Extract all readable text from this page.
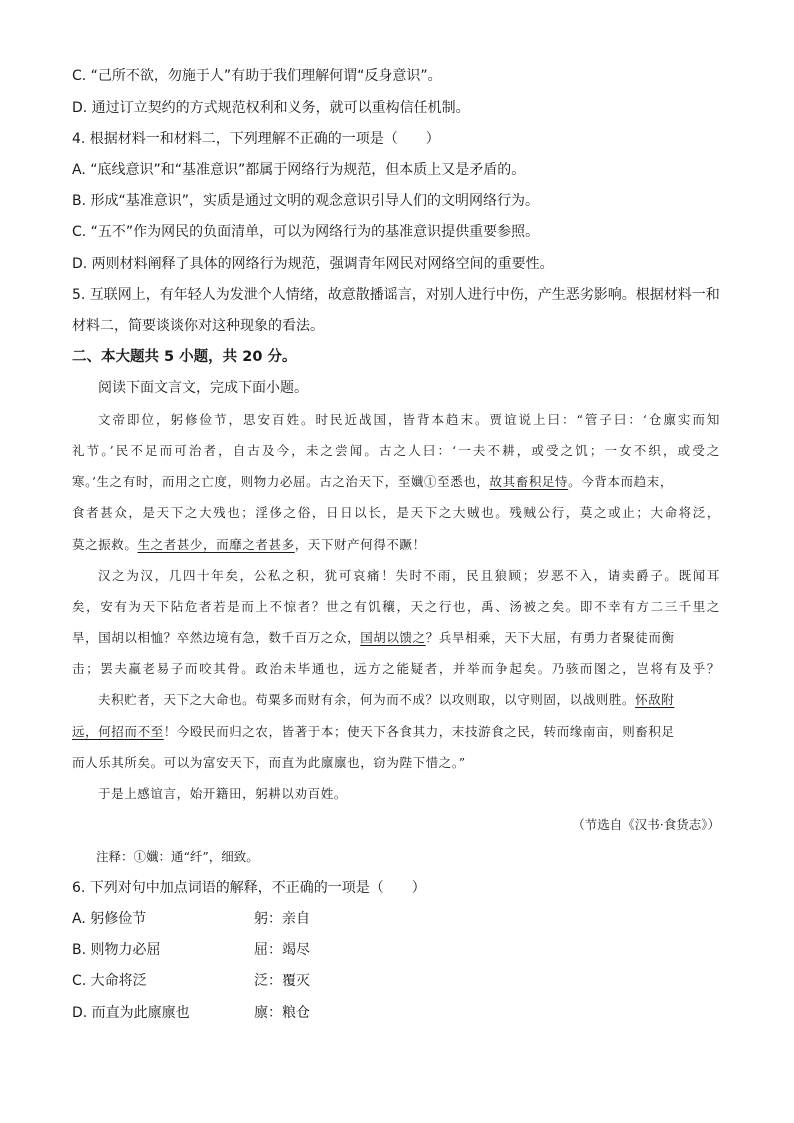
C. “己所不欲，勿施于人”有助于我们理解何谓“反身意识”。
D. 通过订立契约的方式规范权利和义务，就可以重构信任机制。
4. 根据材料一和材料二，下列理解不正确的一项是（　　）
A. “底线意识”和“基准意识”都属于网络行为规范，但本质上又是矛盾的。
B. 形成“基准意识”，实质是通过文明的观念意识引导人们的文明网络行为。
C. “五不”作为网民的负面清单，可以为网络行为的基准意识提供重要参照。
D. 两则材料阐释了具体的网络行为规范，强调青年网民对网络空间的重要性。
5. 互联网上，有年轻人为发泄个人情绪，故意散播谣言，对别人进行中伤，产生恶劣影响。根据材料一和
材料二，简要谈谈你对这种现象的看法。
二、本大题共 5 小题，共 20 分。
阅读下面文言文，完成下面小题。
文帝即位，躬修俭节，思安百姓。时民近战国，皆背本趋末。贾谊说上曰：“管子曰：‘仓廪实而知
礼节。’民不足而可治者，自古及今，未之尝闻。古之人曰：‘一夫不耕，或受之饥；一女不织，或受之
寒。’生之有时，而用之亡度，则物力必屈。古之治天下，至孅①至悉也，故其畜积足恃。今背本而趋末，
食者甚众，是天下之大残也；淫侈之俗，日日以长，是天下之大贼也。残贼公行，莫之或止；大命将泛，
莫之振救。生之者甚少，而靡之者甚多，天下财产何得不蹶！
汉之为汉，几四十年矣，公私之积，犹可哀痛！失时不雨，民且狼顾；岁恶不入，请卖爵子。既闻耳
矣，安有为天下阽危者若是而上不惊者？世之有饥穰，天之行也，禹、汤被之矣。即不幸有方二三千里之
旱，国胡以相恤？卒然边境有急，数千百万之众，国胡以馈之？兵旱相乘，天下大屈，有勇力者聚徒而衡
击；罢夫羸老易子而咬其骨。政治未毕通也，远方之能疑者，并举而争起矣。乃骇而图之，岂将有及乎？
夫积贮者，天下之大命也。苟粟多而财有余，何为而不成？以攻则取，以守则固，以战则胜。怀敌附
远，何招而不至！今殴民而归之农，皆著于本；使天下各食其力，末技游食之民，转而缘南亩，则畜积足
而人乐其所矣。可以为富安天下，而直为此廪廪也，窃为陛下惜之。”
于是上感谊言，始开籍田，躬耕以劝百姓。
（节选自《汉书·食货志》）
注释：①孅：通“纤”，细致。
6. 下列对句中加点词语的解释，不正确的一项是（　　）
A. 躬修俭节	躬：亲自
B. 则物力必屈	屈：竭尽
C. 大命将泛	泛：覆灭
D. 而直为此廪廪也	廪：粮仓
